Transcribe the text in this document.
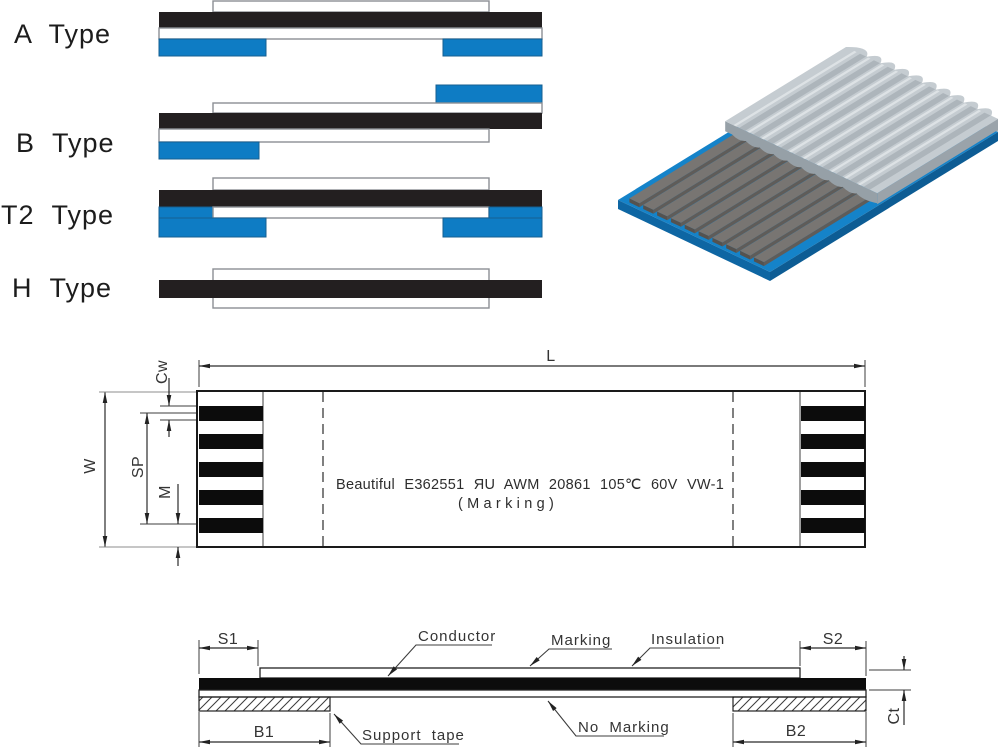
A Type
B Type
T2 Type
H Type
Beautiful E362551 ЯU AWM 20861 105℃ 60V VW-1
(Marking)
L
W
Cw
SP
M
S1	S2
B1	B2
Ct
Conductor	Marking	Insulation
Support tape	No Marking
